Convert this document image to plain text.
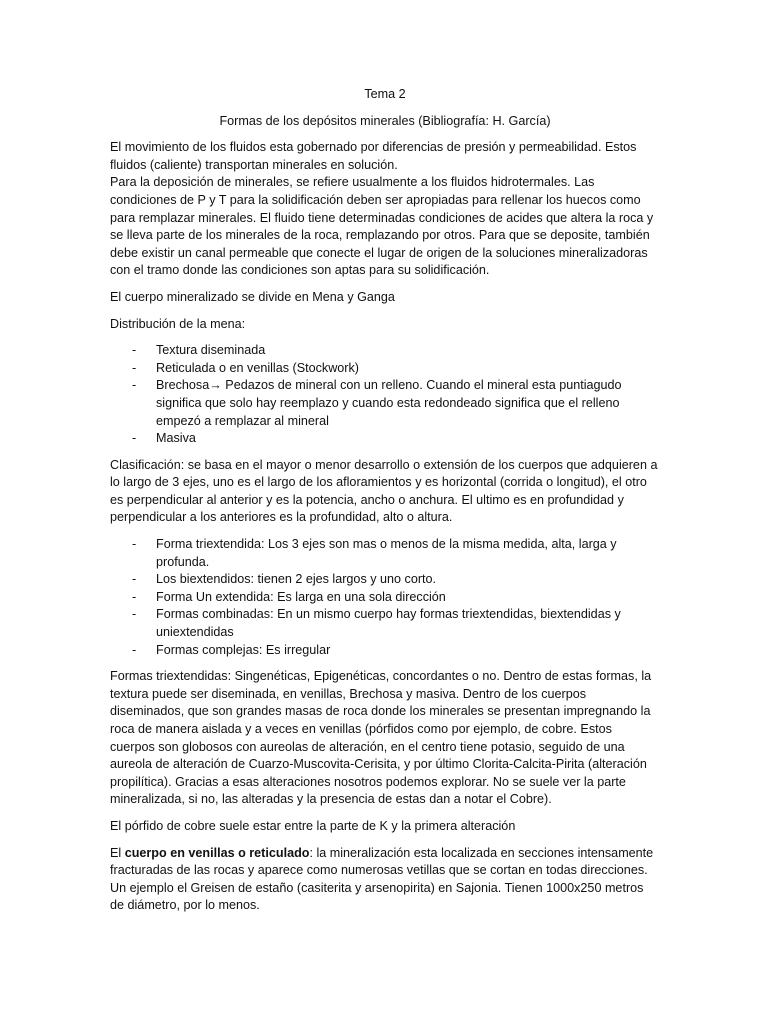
Tema 2
Formas de los depósitos minerales (Bibliografía: H. García)

El movimiento de los fluidos esta gobernado por diferencias de presión y permeabilidad. Estos fluidos (caliente) transportan minerales en solución.
Para la deposición de minerales, se refiere usualmente a los fluidos hidrotermales. Las condiciones de P y T para la solidificación deben ser apropiadas para rellenar los huecos como para remplazar minerales. El fluido tiene determinadas condiciones de acides que altera la roca y se lleva parte de los minerales de la roca, remplazando por otros. Para que se deposite, también debe existir un canal permeable que conecte el lugar de origen de la soluciones mineralizadoras con el tramo donde las condiciones son aptas para su solidificación.

El cuerpo mineralizado se divide en Mena y Ganga

Distribución de la mena:

- Textura diseminada
- Reticulada o en venillas (Stockwork)
- Brechosa→ Pedazos de mineral con un relleno. Cuando el mineral esta puntiagudo significa que solo hay reemplazo y cuando esta redondeado significa que el relleno empezó a remplazar al mineral
- Masiva

Clasificación: se basa en el mayor o menor desarrollo o extensión de los cuerpos que adquieren a lo largo de 3 ejes, uno es el largo de los afloramientos y es horizontal (corrida o longitud), el otro es perpendicular al anterior y es la potencia, ancho o anchura. El ultimo es en profundidad y perpendicular a los anteriores es la profundidad, alto o altura.

- Forma triextendida: Los 3 ejes son mas o menos de la misma medida, alta, larga y profunda.
- Los biextendidos: tienen 2 ejes largos y uno corto.
- Forma Un extendida: Es larga en una sola dirección
- Formas combinadas: En un mismo cuerpo hay formas triextendidas, biextendidas y uniextendidas
- Formas complejas: Es irregular

Formas triextendidas: Singenéticas, Epigenéticas, concordantes o no. Dentro de estas formas, la textura puede ser diseminada, en venillas, Brechosa y masiva. Dentro de los cuerpos diseminados, que son grandes masas de roca donde los minerales se presentan impregnando la roca de manera aislada y a veces en venillas (pórfidos como por ejemplo, de cobre. Estos cuerpos son globosos con aureolas de alteración, en el centro tiene potasio, seguido de una aureola de alteración de Cuarzo-Muscovita-Cerisita, y por último Clorita-Calcita-Pirita (alteración propilítica). Gracias a esas alteraciones nosotros podemos explorar. No se suele ver la parte mineralizada, si no, las alteradas y la presencia de estas dan a notar el Cobre).

El pórfido de cobre suele estar entre la parte de K y la primera alteración

El cuerpo en venillas o reticulado: la mineralización esta localizada en secciones intensamente fracturadas de las rocas y aparece como numerosas vetillas que se cortan en todas direcciones. Un ejemplo el Greisen de estaño (casiterita y arsenopirita) en Sajonia. Tienen 1000x250 metros de diámetro, por lo menos.
